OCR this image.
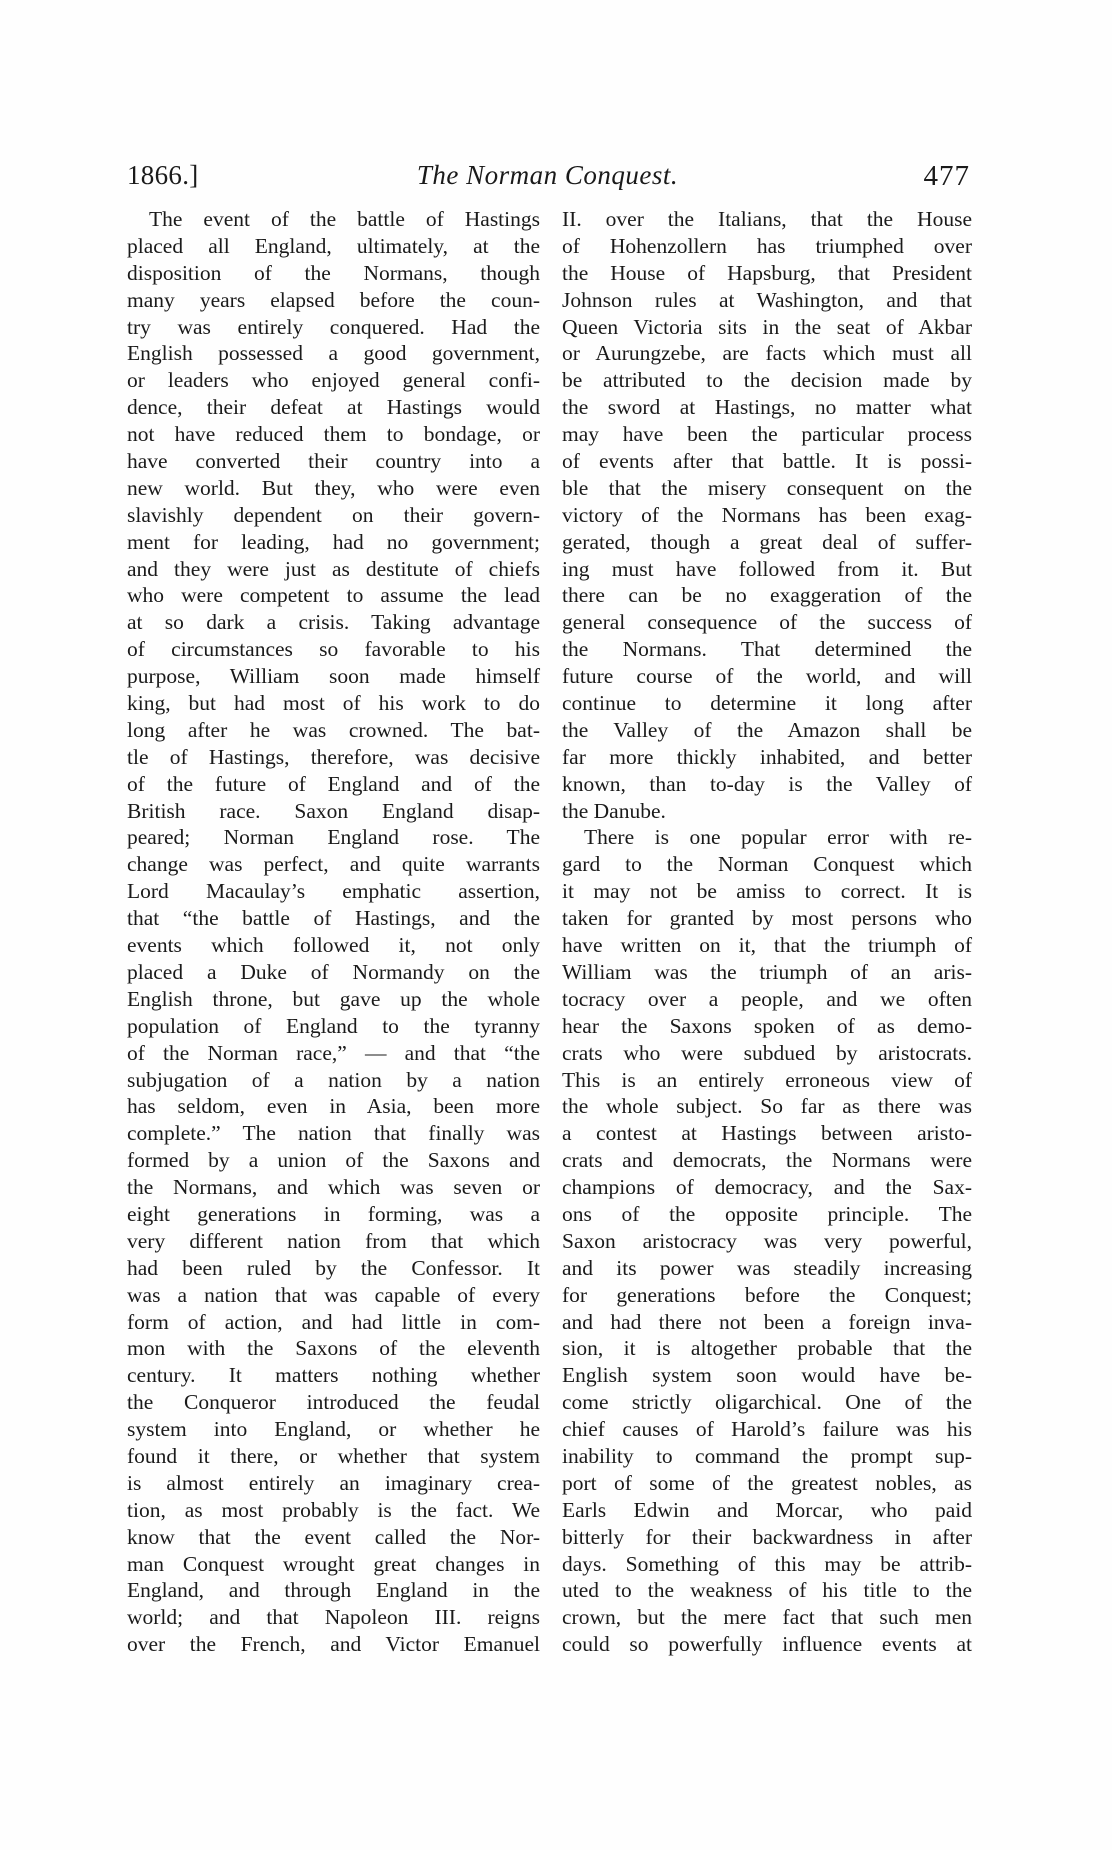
1866.]	The Norman Conquest.	477
The event of the battle of Hastings
placed all England, ultimately, at the
disposition of the Normans, though
many years elapsed before the coun-
try was entirely conquered. Had the
English possessed a good government,
or leaders who enjoyed general confi-
dence, their defeat at Hastings would
not have reduced them to bondage, or
have converted their country into a
new world. But they, who were even
slavishly dependent on their govern-
ment for leading, had no government;
and they were just as destitute of chiefs
who were competent to assume the lead
at so dark a crisis. Taking advantage
of circumstances so favorable to his
purpose, William soon made himself
king, but had most of his work to do
long after he was crowned. The bat-
tle of Hastings, therefore, was decisive
of the future of England and of the
British race. Saxon England disap-
peared; Norman England rose. The
change was perfect, and quite warrants
Lord Macaulay’s emphatic assertion,
that “the battle of Hastings, and the
events which followed it, not only
placed a Duke of Normandy on the
English throne, but gave up the whole
population of England to the tyranny
of the Norman race,” — and that “the
subjugation of a nation by a nation
has seldom, even in Asia, been more
complete.” The nation that finally was
formed by a union of the Saxons and
the Normans, and which was seven or
eight generations in forming, was a
very different nation from that which
had been ruled by the Confessor. It
was a nation that was capable of every
form of action, and had little in com-
mon with the Saxons of the eleventh
century. It matters nothing whether
the Conqueror introduced the feudal
system into England, or whether he
found it there, or whether that system
is almost entirely an imaginary crea-
tion, as most probably is the fact. We
know that the event called the Nor-
man Conquest wrought great changes in
England, and through England in the
world; and that Napoleon III. reigns
over the French, and Victor Emanuel
II. over the Italians, that the House
of Hohenzollern has triumphed over
the House of Hapsburg, that President
Johnson rules at Washington, and that
Queen Victoria sits in the seat of Akbar
or Aurungzebe, are facts which must all
be attributed to the decision made by
the sword at Hastings, no matter what
may have been the particular process
of events after that battle. It is possi-
ble that the misery consequent on the
victory of the Normans has been exag-
gerated, though a great deal of suffer-
ing must have followed from it. But
there can be no exaggeration of the
general consequence of the success of
the Normans. That determined the
future course of the world, and will
continue to determine it long after
the Valley of the Amazon shall be
far more thickly inhabited, and better
known, than to-day is the Valley of
the Danube.
There is one popular error with re-
gard to the Norman Conquest which
it may not be amiss to correct. It is
taken for granted by most persons who
have written on it, that the triumph of
William was the triumph of an aris-
tocracy over a people, and we often
hear the Saxons spoken of as demo-
crats who were subdued by aristocrats.
This is an entirely erroneous view of
the whole subject. So far as there was
a contest at Hastings between aristo-
crats and democrats, the Normans were
champions of democracy, and the Sax-
ons of the opposite principle. The
Saxon aristocracy was very powerful,
and its power was steadily increasing
for generations before the Conquest;
and had there not been a foreign inva-
sion, it is altogether probable that the
English system soon would have be-
come strictly oligarchical. One of the
chief causes of Harold’s failure was his
inability to command the prompt sup-
port of some of the greatest nobles, as
Earls Edwin and Morcar, who paid
bitterly for their backwardness in after
days. Something of this may be attrib-
uted to the weakness of his title to the
crown, but the mere fact that such men
could so powerfully influence events at
